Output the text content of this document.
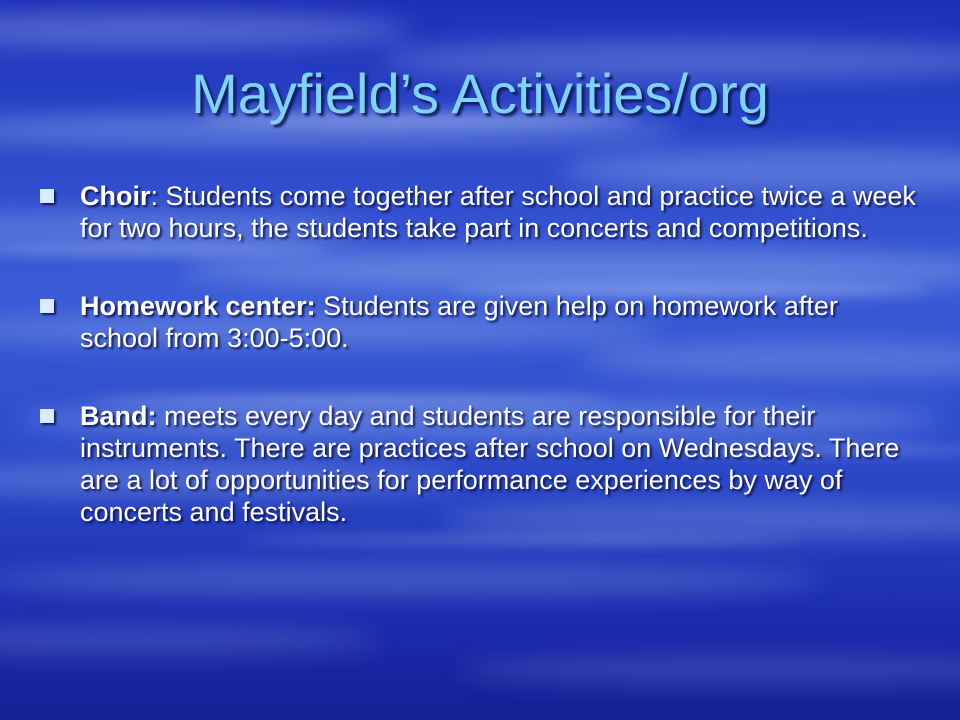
Mayfield’s Activities/org
Choir: Students come together after school and practice twice a week for two hours, the students take part in concerts and competitions.
Homework center: Students are given help on homework after school from 3:00-5:00.
Band: meets every day and students are responsible for their instruments. There are practices after school on Wednesdays. There are a lot of opportunities for performance experiences by way of concerts and festivals.
